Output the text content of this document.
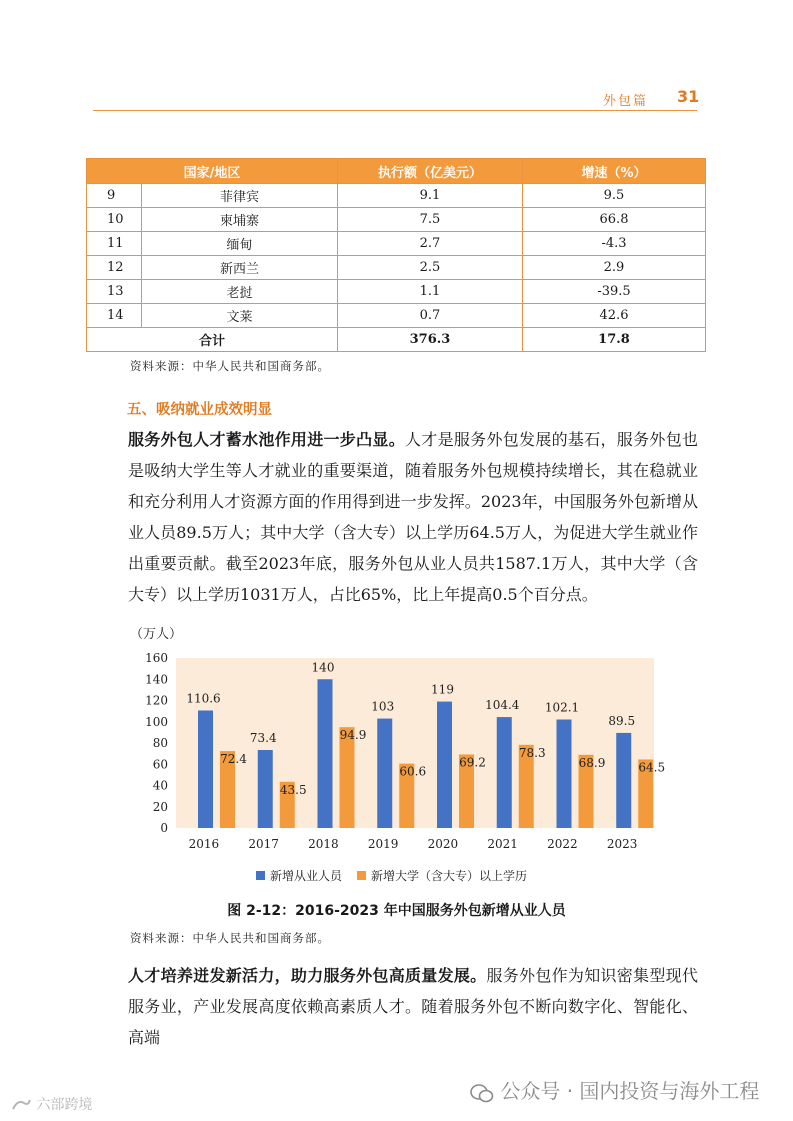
外包篇 31
国家/地区		执行额（亿美元）	增速（%）
9	菲律宾	9.1	9.5
10	柬埔寨	7.5	66.8
11	缅甸	2.7	-4.3
12	新西兰	2.5	2.9
13	老挝	1.1	-39.5
14	文莱	0.7	42.6
合计		376.3	17.8
资料来源：中华人民共和国商务部。
五、吸纳就业成效明显
服务外包人才蓄水池作用进一步凸显。人才是服务外包发展的基石，服务外包也是吸纳大学生等人才就业的重要渠道，随着服务外包规模持续增长，其在稳就业和充分利用人才资源方面的作用得到进一步发挥。2023年，中国服务外包新增从业人员89.5万人；其中大学（含大专）以上学历64.5万人，为促进大学生就业作出重要贡献。截至2023年底，服务外包从业人员共1587.1万人，其中大学（含大专）以上学历1031万人，占比65%，比上年提高0.5个百分点。
（万人）
0
20
40
60
80
100
120
140
160
110.6
72.4
73.4
43.5
140
94.9
103
60.6
119
69.2
104.4
78.3
102.1
68.9
89.5
64.5
2016 2017 2018 2019 2020 2021 2022 2023
新增从业人员 新增大学（含大专）以上学历
图 2-12：2016-2023 年中国服务外包新增从业人员
资料来源：中华人民共和国商务部。
人才培养迸发新活力，助力服务外包高质量发展。服务外包作为知识密集型现代服务业，产业发展高度依赖高素质人才。随着服务外包不断向数字化、智能化、高端
公众号 · 国内投资与海外工程
六部跨境
